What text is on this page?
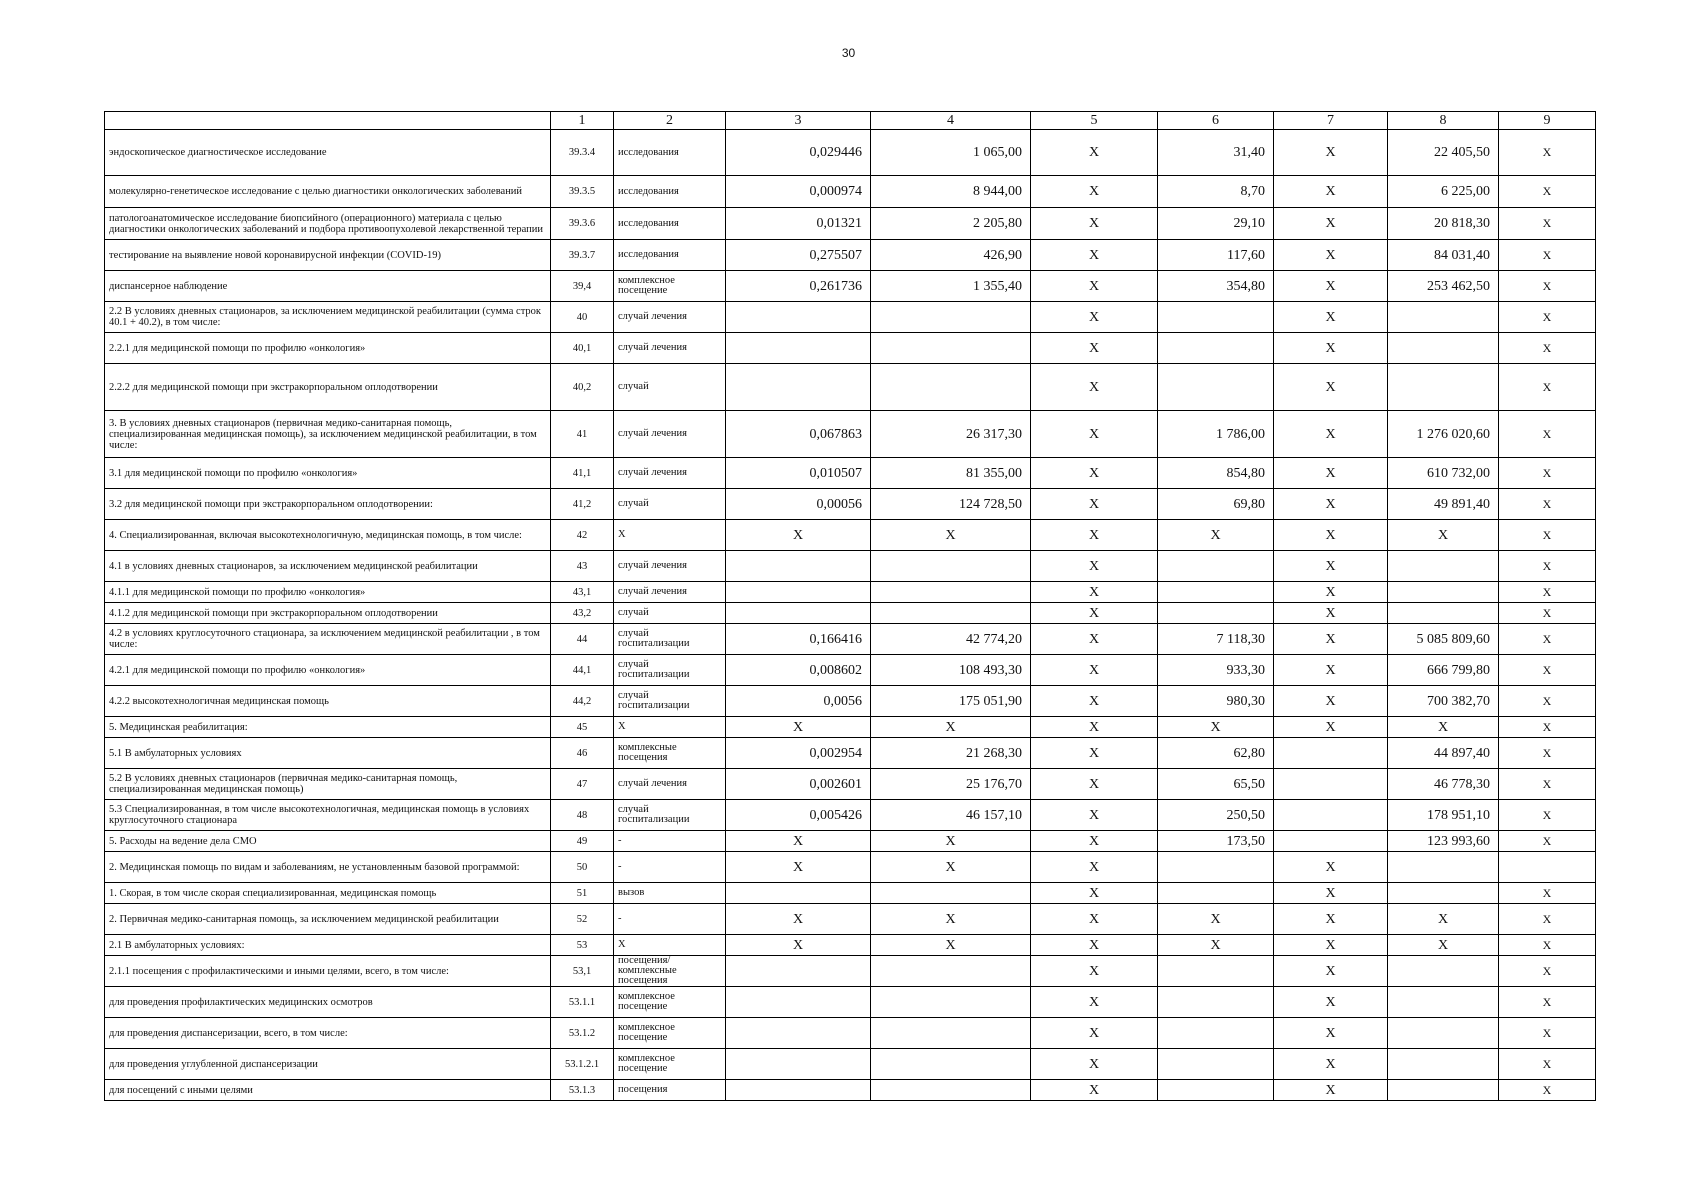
30
	1	2	3	4	5	6	7	8	9
эндоскопическое диагностическое исследование	39.3.4	исследования	0,029446	1 065,00	X	31,40	X	22 405,50	X
молекулярно-генетическое исследование с целью диагностики онкологических заболеваний	39.3.5	исследования	0,000974	8 944,00	X	8,70	X	6 225,00	X
патологоанатомическое исследование биопсийного (операционного) материала с целью диагностики онкологических заболеваний и подбора противоопухолевой лекарственной терапии	39.3.6	исследования	0,01321	2 205,80	X	29,10	X	20 818,30	X
тестирование на выявление новой коронавирусной инфекции (COVID-19)	39.3.7	исследования	0,275507	426,90	X	117,60	X	84 031,40	X
диспансерное наблюдение	39,4	комплексное посещение	0,261736	1 355,40	X	354,80	X	253 462,50	X
2.2 В условиях дневных стационаров, за исключением медицинской реабилитации (сумма строк 40.1 + 40.2), в том числе:	40	случай лечения			X		X		X
2.2.1 для медицинской помощи по профилю «онкология»	40,1	случай лечения			X		X		X
2.2.2 для медицинской помощи при экстракорпоральном оплодотворении	40,2	случай			X		X		X
3. В условиях дневных стационаров (первичная медико-санитарная помощь, специализированная медицинская помощь), за исключением медицинской реабилитации, в том числе:	41	случай лечения	0,067863	26 317,30	X	1 786,00	X	1 276 020,60	X
3.1 для медицинской помощи по профилю «онкология»	41,1	случай лечения	0,010507	81 355,00	X	854,80	X	610 732,00	X
3.2 для медицинской помощи при экстракорпоральном оплодотворении:	41,2	случай	0,00056	124 728,50	X	69,80	X	49 891,40	X
4. Специализированная, включая высокотехнологичную, медицинская помощь, в том числе:	42	X	X	X	X	X	X	X	X
4.1 в условиях дневных стационаров, за исключением медицинской реабилитации	43	случай лечения			X		X		X
4.1.1 для медицинской помощи по профилю «онкология»	43,1	случай лечения			X		X		X
4.1.2 для медицинской помощи при экстракорпоральном оплодотворении	43,2	случай			X		X		X
4.2 в условиях круглосуточного стационара, за исключением медицинской реабилитации , в том числе:	44	случай госпитализации	0,166416	42 774,20	X	7 118,30	X	5 085 809,60	X
4.2.1 для медицинской помощи по профилю «онкология»	44,1	случай госпитализации	0,008602	108 493,30	X	933,30	X	666 799,80	X
4.2.2 высокотехнологичная медицинская помощь	44,2	случай госпитализации	0,0056	175 051,90	X	980,30	X	700 382,70	X
5. Медицинская реабилитация:	45	X	X	X	X	X	X	X	X
5.1 В амбулаторных условиях	46	комплексные посещения	0,002954	21 268,30	X	62,80		44 897,40	X
5.2 В условиях дневных стационаров (первичная медико-санитарная помощь, специализированная медицинская помощь)	47	случай лечения	0,002601	25 176,70	X	65,50		46 778,30	X
5.3 Специализированная, в том числе высокотехнологичная, медицинская помощь в условиях круглосуточного стационара	48	случай госпитализации	0,005426	46 157,10	X	250,50		178 951,10	X
5. Расходы на ведение дела СМО	49	-	X	X	X	173,50		123 993,60	X
2. Медицинская помощь по видам и заболеваниям, не установленным базовой программой:	50	-	X	X	X		X		
1. Скорая, в том числе скорая специализированная, медицинская помощь	51	вызов			X		X		X
2. Первичная медико-санитарная помощь, за исключением медицинской реабилитации	52	-	X	X	X	X	X	X	X
2.1 В амбулаторных условиях:	53	X	X	X	X	X	X	X	X
2.1.1 посещения с профилактическими и иными целями, всего, в том числе:	53,1	посещения/комплексные посещения			X		X		X
для проведения профилактических медицинских осмотров	53.1.1	комплексное посещение			X		X		X
для проведения диспансеризации, всего, в том числе:	53.1.2	комплексное посещение			X		X		X
для проведения углубленной диспансеризации	53.1.2.1	комплексное посещение			X		X		X
для посещений с иными целями	53.1.3	посещения			X		X		X
